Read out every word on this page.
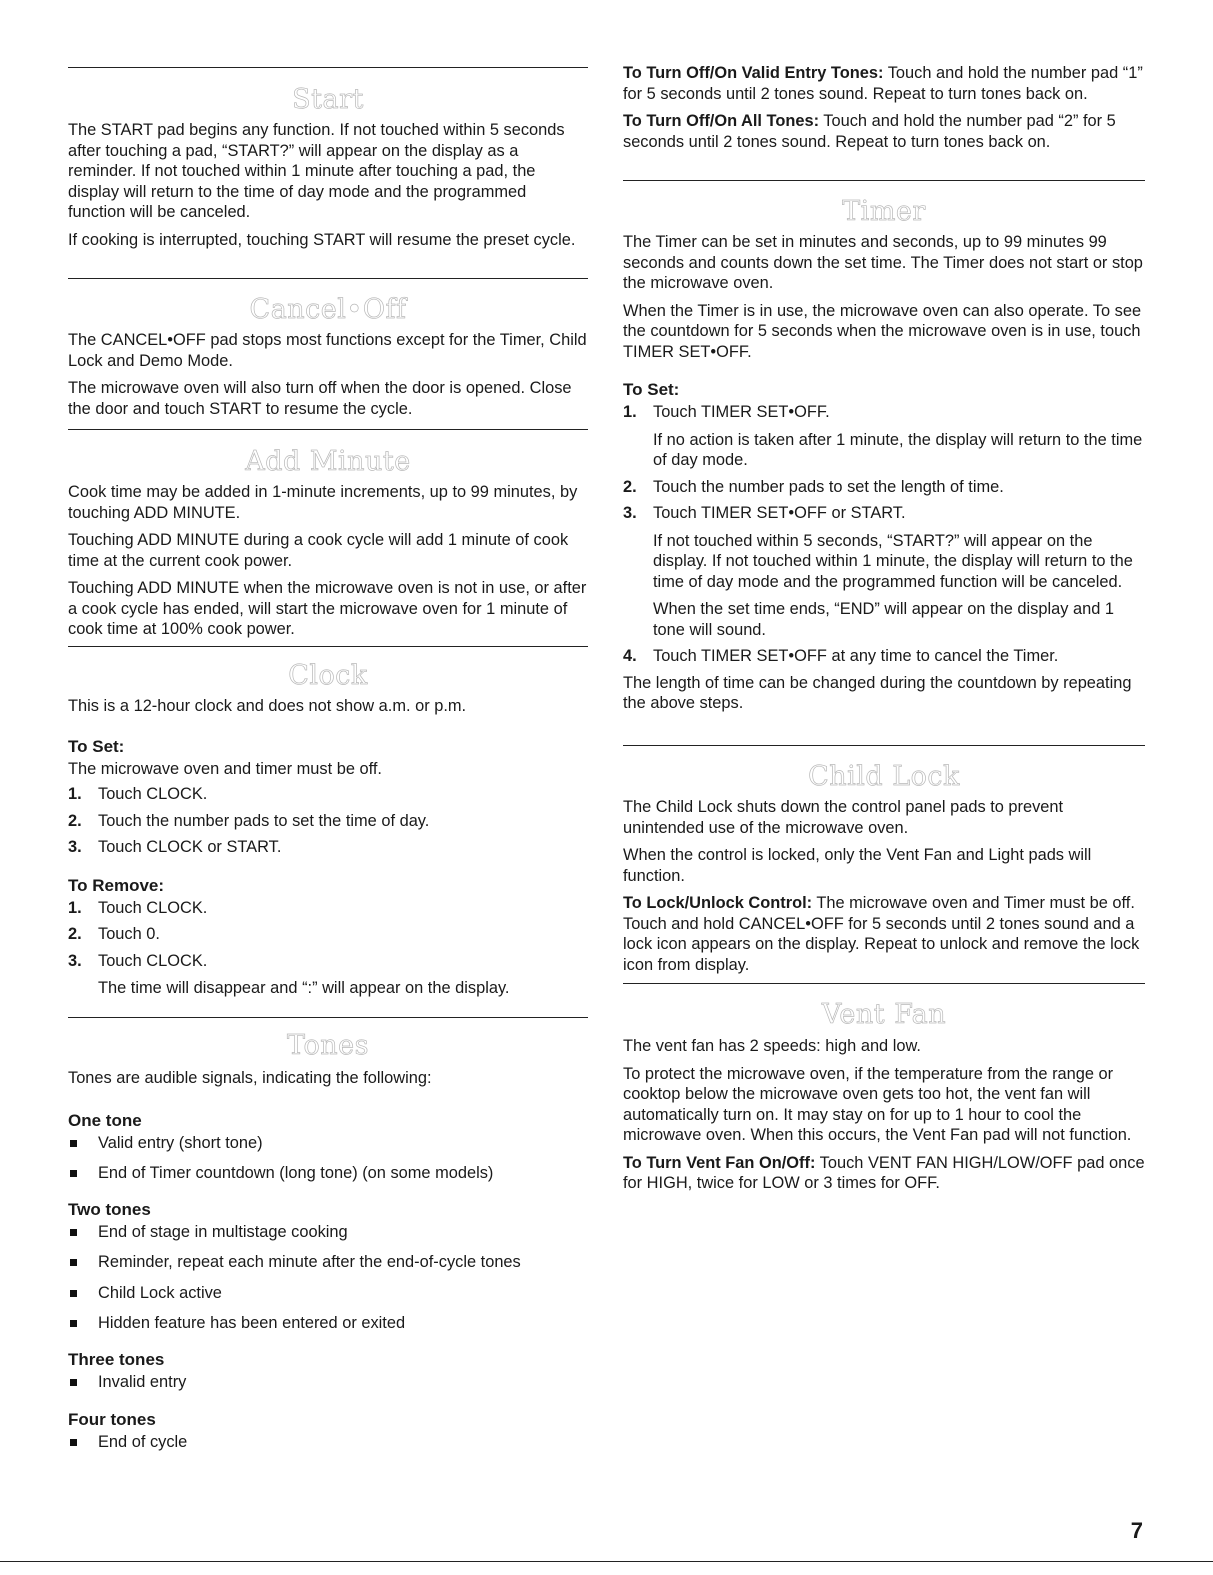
Start

The START pad begins any function. If not touched within 5 seconds after touching a pad, “START?” will appear on the display as a reminder. If not touched within 1 minute after touching a pad, the display will return to the time of day mode and the programmed function will be canceled.

If cooking is interrupted, touching START will resume the preset cycle.

Cancel•Off

The CANCEL•OFF pad stops most functions except for the Timer, Child Lock and Demo Mode.

The microwave oven will also turn off when the door is opened. Close the door and touch START to resume the cycle.

Add Minute

Cook time may be added in 1-minute increments, up to 99 minutes, by touching ADD MINUTE.

Touching ADD MINUTE during a cook cycle will add 1 minute of cook time at the current cook power.

Touching ADD MINUTE when the microwave oven is not in use, or after a cook cycle has ended, will start the microwave oven for 1 minute of cook time at 100% cook power.

Clock

This is a 12-hour clock and does not show a.m. or p.m.

To Set:

The microwave oven and timer must be off.

1. Touch CLOCK.
2. Touch the number pads to set the time of day.
3. Touch CLOCK or START.
To Remove:
1. Touch CLOCK.
2. Touch 0.
3. Touch CLOCK.
The time will disappear and “:” will appear on the display.
Tones

Tones are audible signals, indicating the following:

One tone
Valid entry (short tone)
End of Timer countdown (long tone) (on some models)
Two tones
End of stage in multistage cooking
Reminder, repeat each minute after the end-of-cycle tones
Child Lock active
Hidden feature has been entered or exited
Three tones
Invalid entry
Four tones
End of cycle

To Turn Off/On Valid Entry Tones: Touch and hold the number pad “1” for 5 seconds until 2 tones sound. Repeat to turn tones back on.

To Turn Off/On All Tones: Touch and hold the number pad “2” for 5 seconds until 2 tones sound. Repeat to turn tones back on.

Timer

The Timer can be set in minutes and seconds, up to 99 minutes 99 seconds and counts down the set time. The Timer does not start or stop the microwave oven.

When the Timer is in use, the microwave oven can also operate. To see the countdown for 5 seconds when the microwave oven is in use, touch TIMER SET•OFF.

To Set:
1. Touch TIMER SET•OFF.
If no action is taken after 1 minute, the display will return to the time of day mode.
2. Touch the number pads to set the length of time.
3. Touch TIMER SET•OFF or START.
If not touched within 5 seconds, “START?” will appear on the display. If not touched within 1 minute, the display will return to the time of day mode and the programmed function will be canceled.
When the set time ends, “END” will appear on the display and 1 tone will sound.
4. Touch TIMER SET•OFF at any time to cancel the Timer.

The length of time can be changed during the countdown by repeating the above steps.

Child Lock

The Child Lock shuts down the control panel pads to prevent unintended use of the microwave oven.

When the control is locked, only the Vent Fan and Light pads will function.

To Lock/Unlock Control: The microwave oven and Timer must be off. Touch and hold CANCEL•OFF for 5 seconds until 2 tones sound and a lock icon appears on the display. Repeat to unlock and remove the lock icon from display.

Vent Fan

The vent fan has 2 speeds: high and low.

To protect the microwave oven, if the temperature from the range or cooktop below the microwave oven gets too hot, the vent fan will automatically turn on. It may stay on for up to 1 hour to cool the microwave oven. When this occurs, the Vent Fan pad will not function.

To Turn Vent Fan On/Off: Touch VENT FAN HIGH/LOW/OFF pad once for HIGH, twice for LOW or 3 times for OFF.

7
